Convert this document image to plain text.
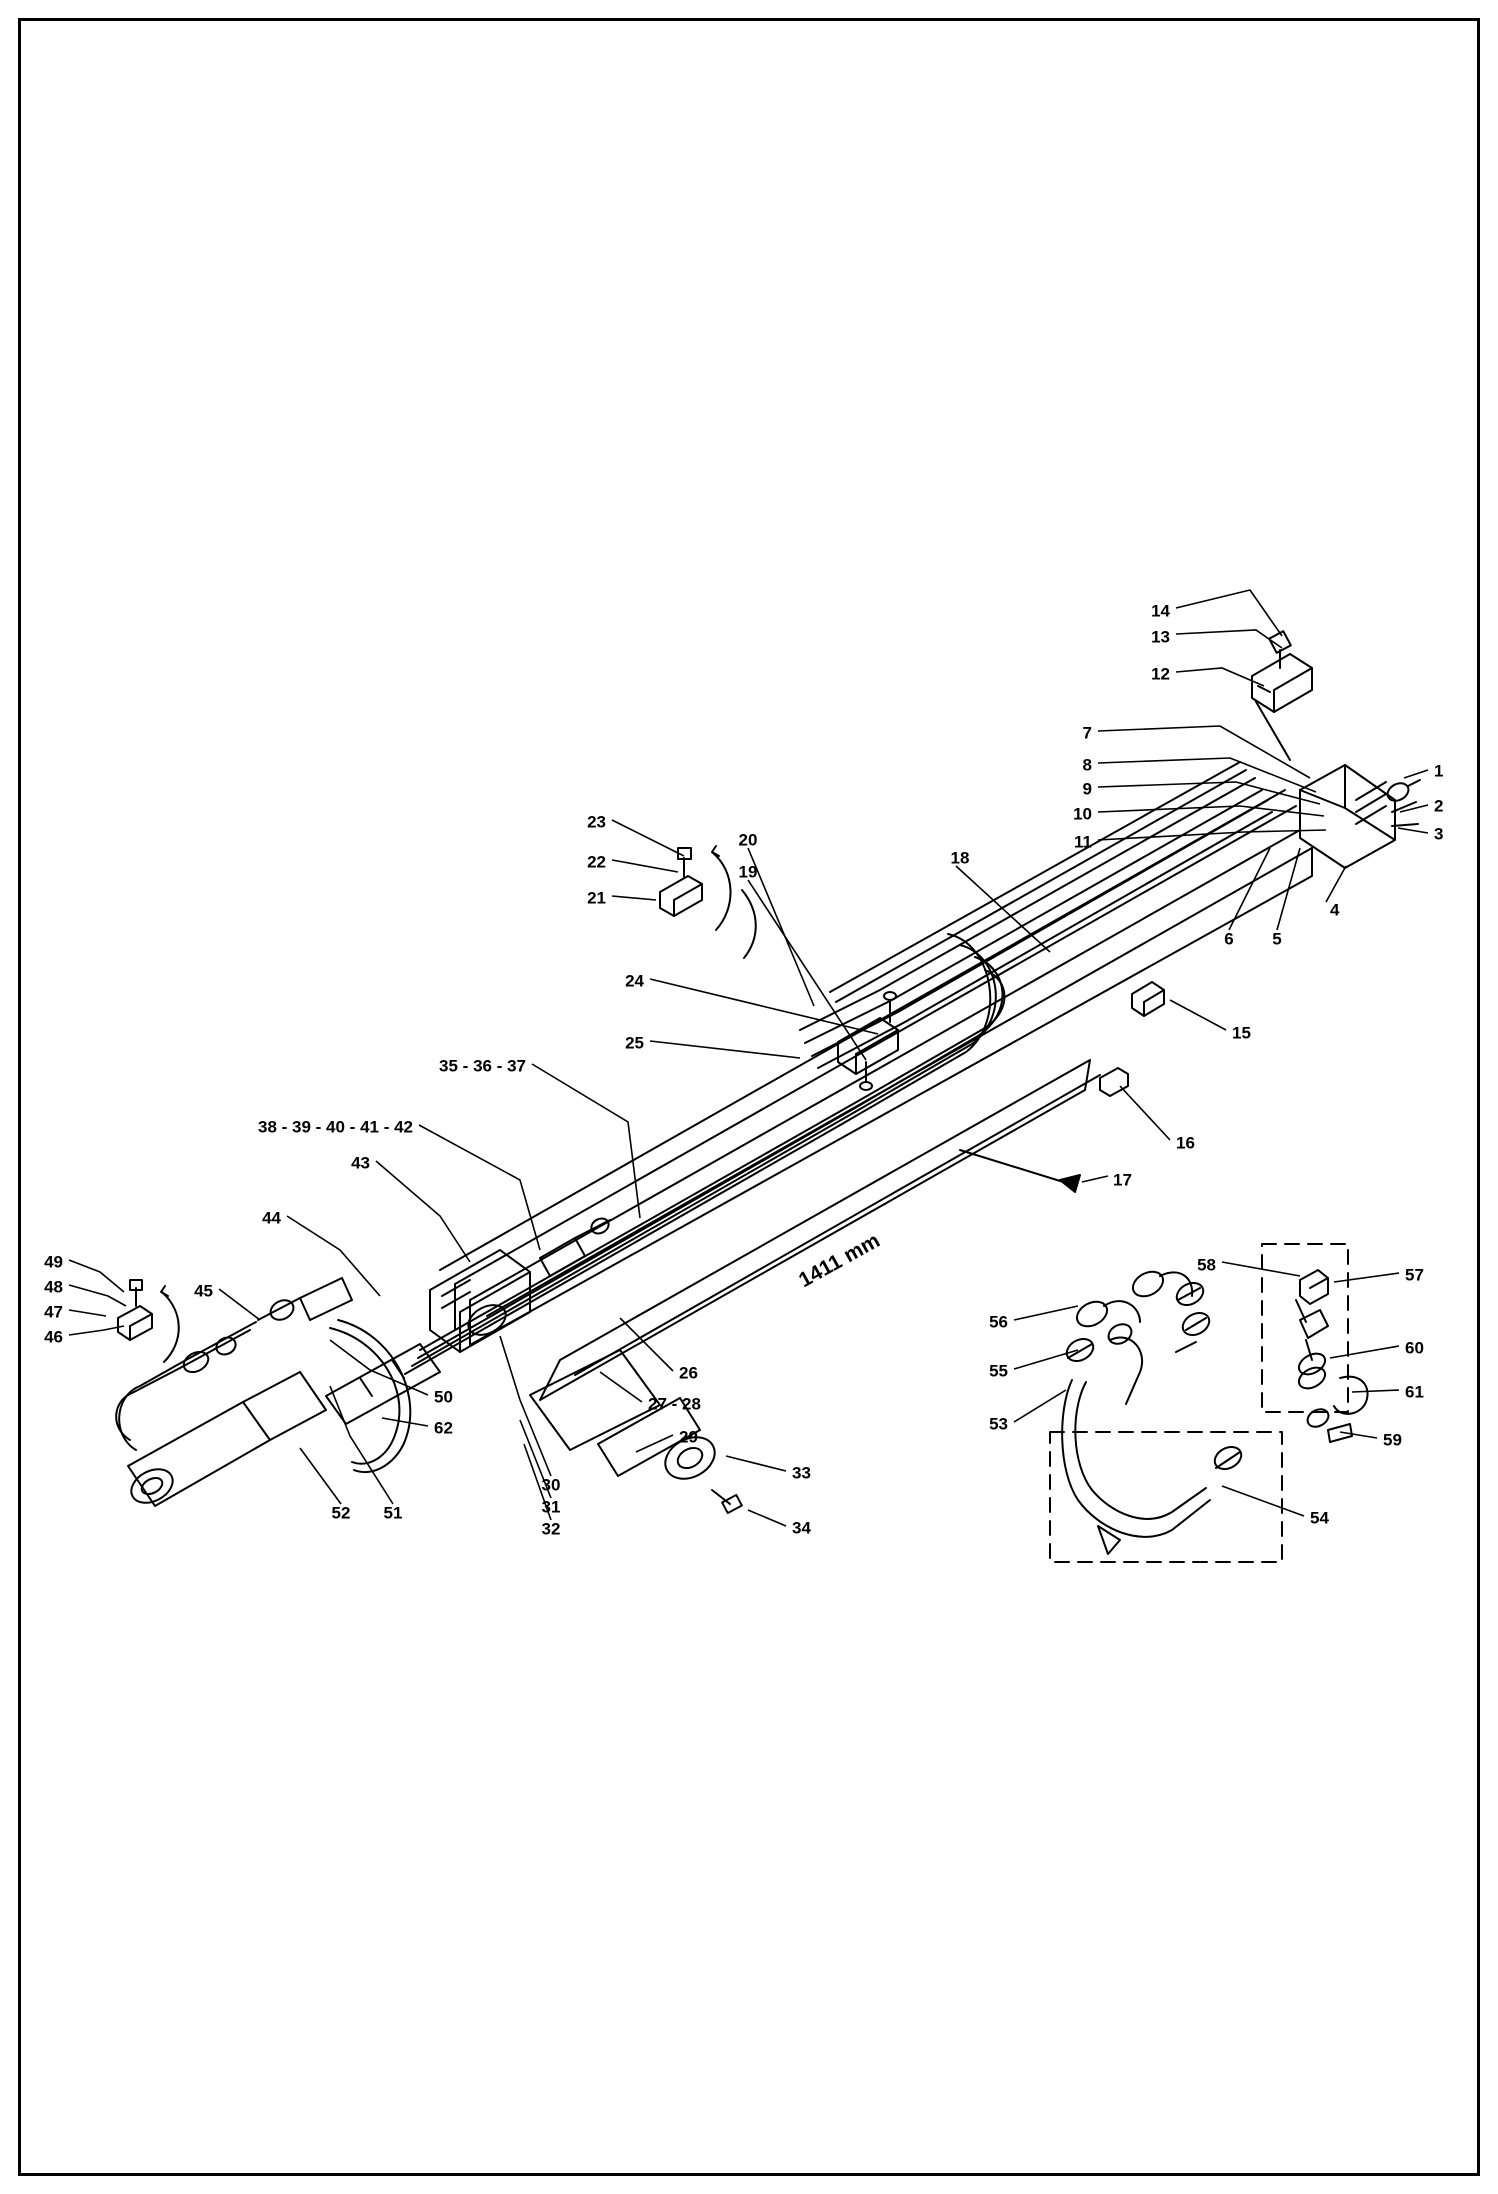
1411 mm
14
13
12
7
8
9
10
11
1
2
3
4
5
6
18
15
16
17
23
22
21
20
19
24
25
35 - 36 - 37
38 - 39 - 40 - 41 - 42
43
44
45
49
48
47
46
50
62
52 51
30
31
32
26
27 - 28
29
33
34
56
55
53
58
57
60
61
59
54
